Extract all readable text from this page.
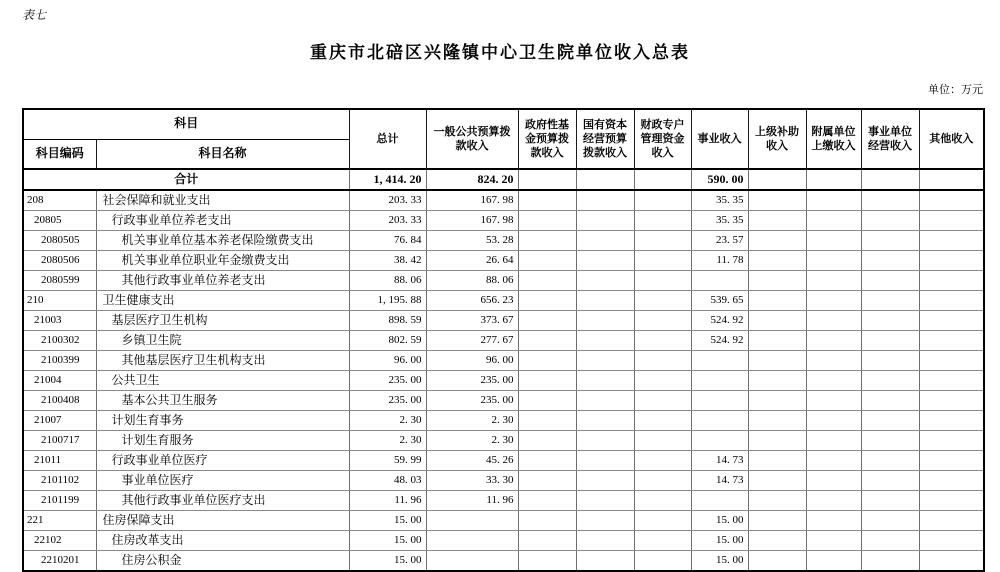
表七
重庆市北碚区兴隆镇中心卫生院单位收入总表
单位：万元
科目		总计	一般公共预算拨款收入	政府性基金预算拨款收入	国有资本经营预算拨款收入	财政专户管理资金收入	事业收入	上级补助收入	附属单位上缴收入	事业单位经营收入	其他收入
科目编码	科目名称										
合计		1, 414. 20	824. 20				590. 00				
208	社会保障和就业支出	203. 33	167. 98				35. 35				
20805	行政事业单位养老支出	203. 33	167. 98				35. 35				
2080505	机关事业单位基本养老保险缴费支出	76. 84	53. 28				23. 57				
2080506	机关事业单位职业年金缴费支出	38. 42	26. 64				11. 78				
2080599	其他行政事业单位养老支出	88. 06	88. 06								
210	卫生健康支出	1, 195. 88	656. 23				539. 65				
21003	基层医疗卫生机构	898. 59	373. 67				524. 92				
2100302	乡镇卫生院	802. 59	277. 67				524. 92				
2100399	其他基层医疗卫生机构支出	96. 00	96. 00								
21004	公共卫生	235. 00	235. 00								
2100408	基本公共卫生服务	235. 00	235. 00								
21007	计划生育事务	2. 30	2. 30								
2100717	计划生育服务	2. 30	2. 30								
21011	行政事业单位医疗	59. 99	45. 26				14. 73				
2101102	事业单位医疗	48. 03	33. 30				14. 73				
2101199	其他行政事业单位医疗支出	11. 96	11. 96								
221	住房保障支出	15. 00					15. 00				
22102	住房改革支出	15. 00					15. 00				
2210201	住房公积金	15. 00					15. 00				
